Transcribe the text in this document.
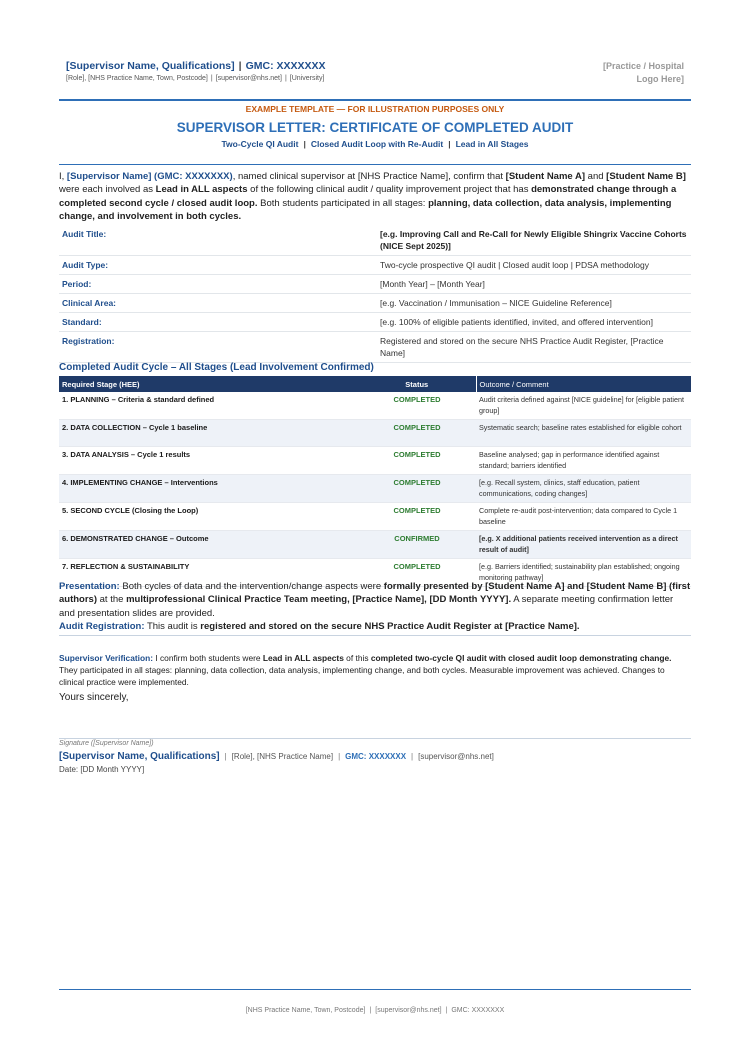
[Supervisor Name, Qualifications] | GMC: XXXXXXX
[Role], [NHS Practice Name, Town, Postcode] | [supervisor@nhs.net] | [University]
[Practice / Hospital
Logo Here]
EXAMPLE TEMPLATE — FOR ILLUSTRATION PURPOSES ONLY
SUPERVISOR LETTER: CERTIFICATE OF COMPLETED AUDIT
Two-Cycle QI Audit | Closed Audit Loop with Re-Audit | Lead in All Stages
I, [Supervisor Name] (GMC: XXXXXXX), named clinical supervisor at [NHS Practice Name], confirm that [Student Name A] and [Student Name B] were each involved as Lead in ALL aspects of the following clinical audit / quality improvement project that has demonstrated change through a completed second cycle / closed audit loop. Both students participated in all stages: planning, data collection, data analysis, implementing change, and involvement in both cycles.
Audit Title:	[e.g. Improving Call and Re-Call for Newly Eligible Shingrix Vaccine Cohorts (NICE Sept 2025)]
Audit Type:	Two-cycle prospective QI audit | Closed audit loop | PDSA methodology
Period:	[Month Year] – [Month Year]
Clinical Area:	[e.g. Vaccination / Immunisation – NICE Guideline Reference]
Standard:	[e.g. 100% of eligible patients identified, invited, and offered intervention]
Registration:	Registered and stored on the secure NHS Practice Audit Register, [Practice Name]
Completed Audit Cycle – All Stages (Lead Involvement Confirmed)
Required Stage (HEE)	Status	Outcome / Comment
1. PLANNING – Criteria & standard defined	COMPLETED	Audit criteria defined against [NICE guideline] for [eligible patient group]
2. DATA COLLECTION – Cycle 1 baseline	COMPLETED	Systematic search; baseline rates established for eligible cohort
3. DATA ANALYSIS – Cycle 1 results	COMPLETED	Baseline analysed; gap in performance identified against standard; barriers identified
4. IMPLEMENTING CHANGE – Interventions	COMPLETED	[e.g. Recall system, clinics, staff education, patient communications, coding changes]
5. SECOND CYCLE (Closing the Loop)	COMPLETED	Complete re-audit post-intervention; data compared to Cycle 1 baseline
6. DEMONSTRATED CHANGE – Outcome	CONFIRMED	[e.g. X additional patients received intervention as a direct result of audit]
7. REFLECTION & SUSTAINABILITY	COMPLETED	[e.g. Barriers identified; sustainability plan established; ongoing monitoring pathway]
Presentation: Both cycles of data and the intervention/change aspects were formally presented by [Student Name A] and [Student Name B] (first authors) at the multiprofessional Clinical Practice Team meeting, [Practice Name], [DD Month YYYY]. A separate meeting confirmation letter and presentation slides are provided.
Audit Registration: This audit is registered and stored on the secure NHS Practice Audit Register at [Practice Name].
Supervisor Verification: I confirm both students were Lead in ALL aspects of this completed two-cycle QI audit with closed audit loop demonstrating change. They participated in all stages: planning, data collection, data analysis, implementing change, and both cycles. Measurable improvement was achieved. Changes to clinical practice were implemented.
Yours sincerely,
Signature ([Supervisor Name])
[Supervisor Name, Qualifications] | [Role], [NHS Practice Name] | GMC: XXXXXXX | [supervisor@nhs.net]
Date: [DD Month YYYY]
[NHS Practice Name, Town, Postcode] | [supervisor@nhs.net] | GMC: XXXXXXX
